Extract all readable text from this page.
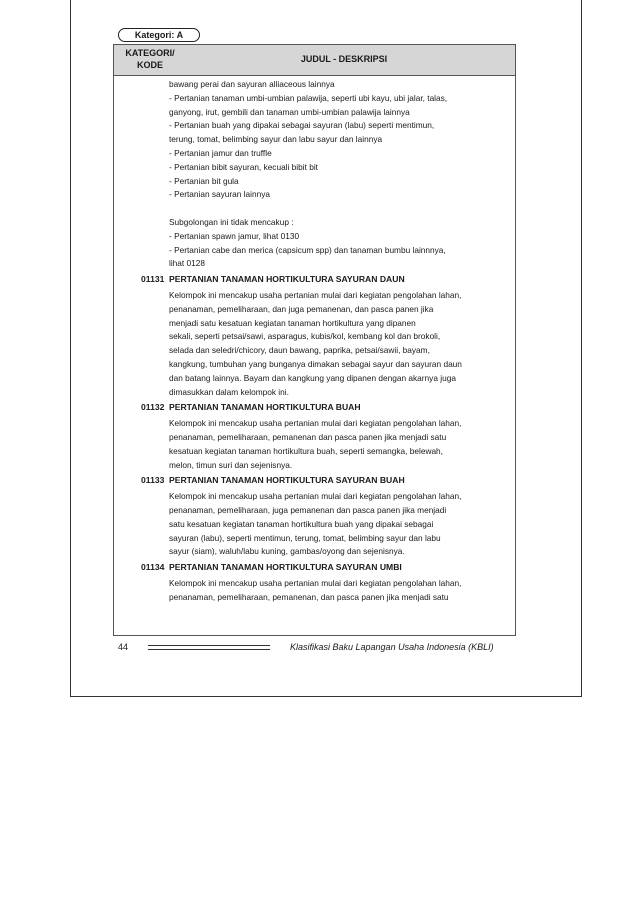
Kategori: A
KATEGORI/ KODE
JUDUL - DESKRIPSI
bawang perai dan sayuran alliaceous lainnya
- Pertanian tanaman umbi-umbian palawija, seperti ubi kayu, ubi jalar, talas,
ganyong, irut, gembili dan tanaman umbi-umbian palawija lainnya
- Pertanian buah yang dipakai sebagai sayuran (labu) seperti mentimun,
terung, tomat, belimbing sayur dan labu sayur dan lainnya
- Pertanian jamur dan truffle
- Pertanian bibit sayuran, kecuali bibit bit
- Pertanian bit gula
- Pertanian sayuran lainnya
Subgolongan ini tidak mencakup :
- Pertanian spawn jamur, lihat 0130
- Pertanian cabe dan merica (capsicum spp) dan tanaman bumbu lainnnya,
lihat 0128
01131 PERTANIAN TANAMAN HORTIKULTURA SAYURAN DAUN
Kelompok ini mencakup usaha pertanian mulai dari kegiatan pengolahan lahan,
penanaman, pemeliharaan, dan juga pemanenan, dan pasca panen jika
menjadi satu kesatuan kegiatan tanaman hortikultura yang dipanen
sekali, seperti petsai/sawi, asparagus, kubis/kol, kembang kol dan brokoli,
selada dan seledri/chicory, daun bawang, paprika, petsai/sawii, bayam,
kangkung, tumbuhan yang bunganya dimakan sebagai sayur dan sayuran daun
dan batang lainnya. Bayam dan kangkung yang dipanen dengan akarnya juga
dimasukkan dalam kelompok ini.
01132 PERTANIAN TANAMAN HORTIKULTURA BUAH
Kelompok ini mencakup usaha pertanian mulai dari kegiatan pengolahan lahan,
penanaman, pemeliharaan, pemanenan dan pasca panen jika menjadi satu
kesatuan kegiatan tanaman hortikultura buah, seperti semangka, belewah,
melon, timun suri dan sejenisnya.
01133 PERTANIAN TANAMAN HORTIKULTURA SAYURAN BUAH
Kelompok ini mencakup usaha pertanian mulai dari kegiatan pengolahan lahan,
penanaman, pemeliharaan, juga pemanenan dan pasca panen jika menjadi
satu kesatuan kegiatan tanaman hortikultura buah yang dipakai sebagai
sayuran (labu), seperti mentimun, terung, tomat, belimbing sayur dan labu
sayur (siam), waluh/labu kuning, gambas/oyong dan sejenisnya.
01134 PERTANIAN TANAMAN HORTIKULTURA SAYURAN UMBI
Kelompok ini mencakup usaha pertanian mulai dari kegiatan pengolahan lahan,
penanaman, pemeliharaan, pemanenan, dan pasca panen jika menjadi satu
44	Klasifikasi Baku Lapangan Usaha Indonesia (KBLI)
